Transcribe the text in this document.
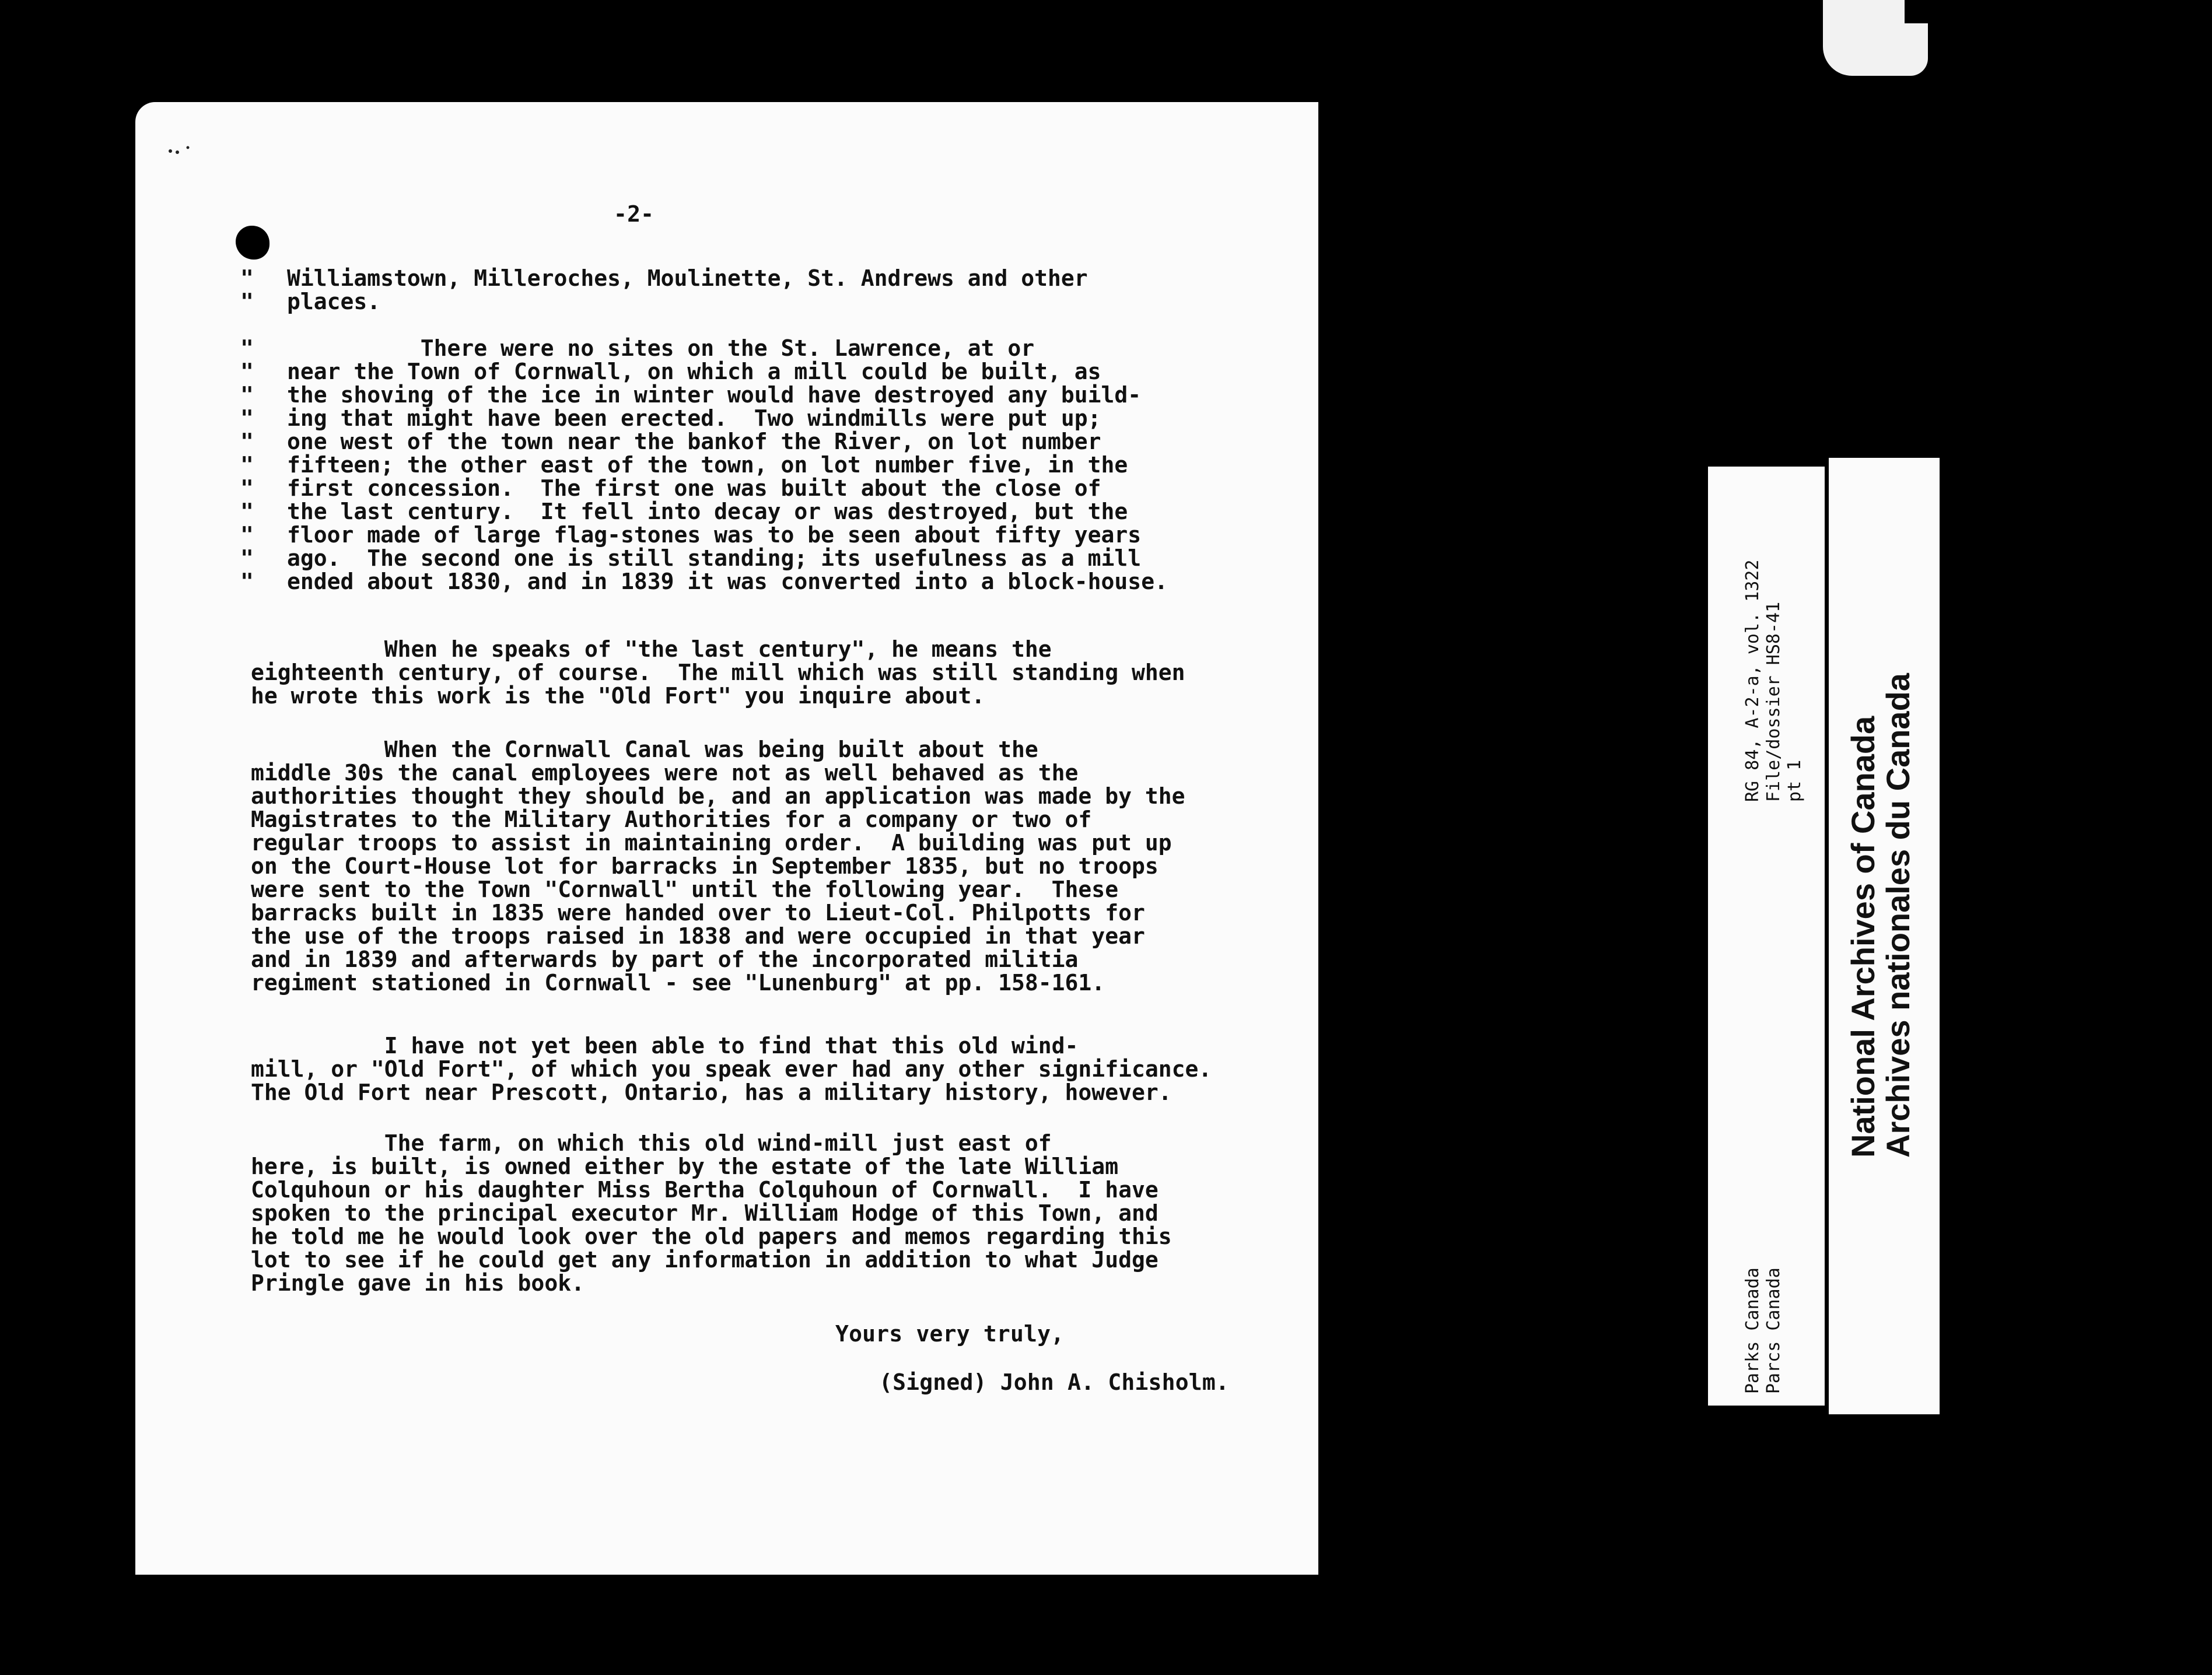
-2-
"	Williamstown, Milleroches, Moulinette, St. Andrews and other
"	places.
"	There were no sites on the St. Lawrence, at or
"	near the Town of Cornwall, on which a mill could be built, as
"	the shoving of the ice in winter would have destroyed any build-
"	ing that might have been erected.  Two windmills were put up;
"	one west of the town near the bankof the River, on lot number
"	fifteen; the other east of the town, on lot number five, in the
"	first concession.  The first one was built about the close of
"	the last century.  It fell into decay or was destroyed, but the
"	floor made of large flag-stones was to be seen about fifty years
"	ago.  The second one is still standing; its usefulness as a mill
"	ended about 1830, and in 1839 it was converted into a block-house.
When he speaks of "the last century", he means the
eighteenth century, of course.  The mill which was still standing when
he wrote this work is the "Old Fort" you inquire about.
When the Cornwall Canal was being built about the
middle 30s the canal employees were not as well behaved as the
authorities thought they should be, and an application was made by the
Magistrates to the Military Authorities for a company or two of
regular troops to assist in maintaining order.  A building was put up
on the Court-House lot for barracks in September 1835, but no troops
were sent to the Town "Cornwall" until the following year.  These
barracks built in 1835 were handed over to Lieut-Col. Philpotts for
the use of the troops raised in 1838 and were occupied in that year
and in 1839 and afterwards by part of the incorporated militia
regiment stationed in Cornwall - see "Lunenburg" at pp. 158-161.
I have not yet been able to find that this old wind-
mill, or "Old Fort", of which you speak ever had any other significance.
The Old Fort near Prescott, Ontario, has a military history, however.
The farm, on which this old wind-mill just east of
here, is built, is owned either by the estate of the late William
Colquhoun or his daughter Miss Bertha Colquhoun of Cornwall.  I have
spoken to the principal executor Mr. William Hodge of this Town, and
he told me he would look over the old papers and memos regarding this
lot to see if he could get any information in addition to what Judge
Pringle gave in his book.
Yours very truly,
(Signed) John A. Chisholm.
RG 84, A-2-a, vol. 1322 File/dossier HS8-41 pt 1
Parks Canada Parcs Canada
National Archives of Canada
Archives nationales du Canada
